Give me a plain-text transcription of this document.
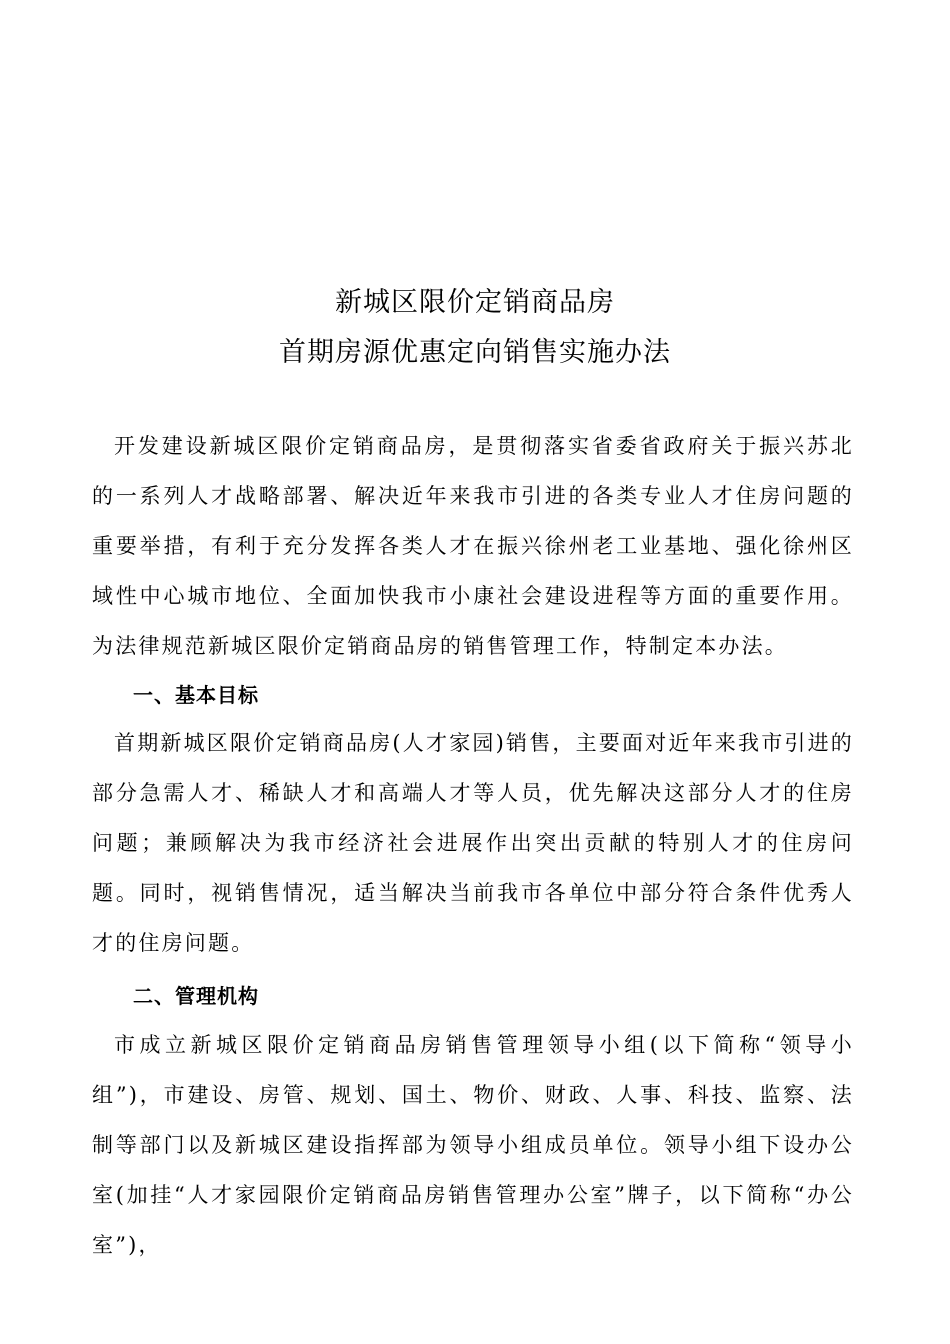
新城区限价定销商品房
首期房源优惠定向销售实施办法

开发建设新城区限价定销商品房，是贯彻落实省委省政府关于振兴苏北的一系列人才战略部署、解决近年来我市引进的各类专业人才住房问题的重要举措，有利于充分发挥各类人才在振兴徐州老工业基地、强化徐州区域性中心城市地位、全面加快我市小康社会建设进程等方面的重要作用。为法律规范新城区限价定销商品房的销售管理工作，特制定本办法。

一、基本目标

首期新城区限价定销商品房(人才家园)销售，主要面对近年来我市引进的部分急需人才、稀缺人才和高端人才等人员，优先解决这部分人才的住房问题；兼顾解决为我市经济社会进展作出突出贡献的特别人才的住房问题。同时，视销售情况，适当解决当前我市各单位中部分符合条件优秀人才的住房问题。

二、管理机构

市成立新城区限价定销商品房销售管理领导小组(以下简称“领导小组”)，市建设、房管、规划、国土、物价、财政、人事、科技、监察、法制等部门以及新城区建设指挥部为领导小组成员单位。领导小组下设办公室(加挂“人才家园限价定销商品房销售管理办公室”牌子，以下简称“办公室”)，
